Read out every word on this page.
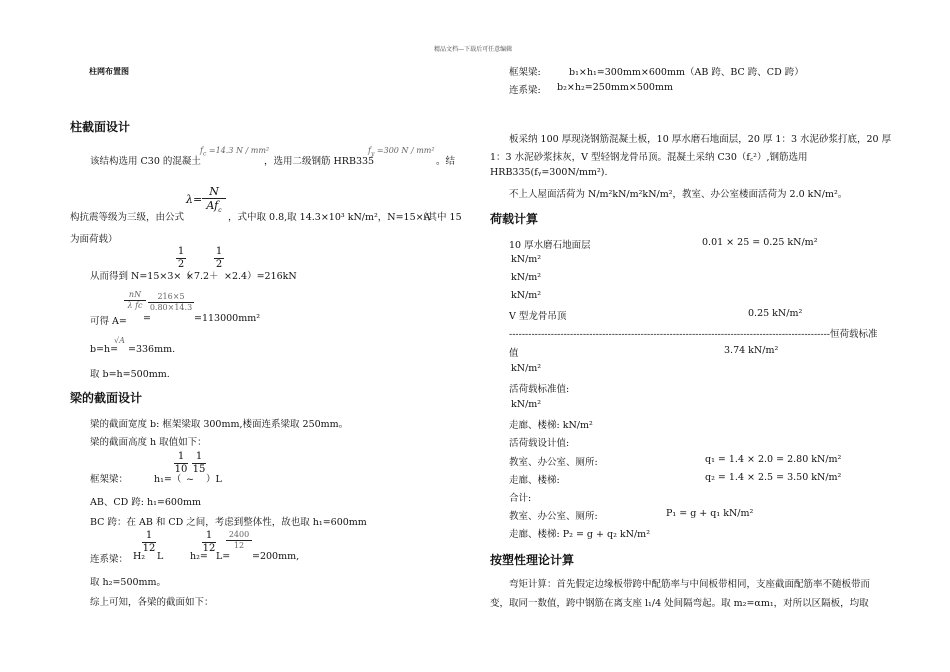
精品文档---下载后可任意编辑
柱网布置图
柱截面设计
该结构选用 C30 的混凝土
$f_c =14.3$ N / mm²
，选用二级钢筋 HRB335
$f_y =300$ N / mm²
。结
λ=
N
$Af_c$
构抗震等级为三级，由公式	，式中取 0.8,取 14.3×10³ kN/m²，N=15×A
（其中 15
为面荷载）
1
2
1
2
从而得到 N=15×3×（
×7.2＋ ×2.4）=216kN
nN
λ fc
216×5
0.80×14.3
可得 A= =	=113000mm²
√A
b=h= =336mm.
取 b=h=500mm.
梁的截面设计
梁的截面宽度 b: 框架梁取 300mm,楼面连系梁取 250mm。
梁的截面高度 h 取值如下：
1
10
1
15
框架梁：	h₁=（ ~ ）L
AB、CD 跨: h₁=600mm
BC 跨：在 AB 和 CD 之间，考虑到整体性，故也取 h₁=600mm
1
12
1
12
2400
12
连系梁： H₂ L	h₂= L= =200mm,
取 h₂=500mm。
综上可知，各梁的截面如下：
框架梁:	b₁×h₁=300mm×600mm（AB 跨、BC 跨、CD 跨）
连系梁: b₂×h₂=250mm×500mm
板采纳 100 厚现浇钢筋混凝土板，10 厚水磨石地面层，20 厚 1：3 水泥砂浆打底，20 厚
1：3 水泥砂浆抹灰，V 型轻钢龙骨吊顶。混凝土采纳 C30（f꜀²）,钢筋选用
HRB335(fᵧ=300N/mm²).
不上人屋面活荷为 N/m²kN/m²kN/m²，教室、办公室楼面活荷为 2.0 kN/m²。
荷载计算
10 厚水磨石地面层	0.01 × 25 = 0.25 kN/m²
kN/m²
kN/m²
kN/m²
V 型龙骨吊顶	0.25 kN/m²
----------------------------------------------------------------------------------------------------恒荷载标准
值	3.74 kN/m²
kN/m²
活荷载标准值:
kN/m²
走廊、楼梯: kN/m²
活荷载设计值:
教室、办公室、厕所:	q₁ = 1.4 × 2.0 = 2.80 kN/m²
走廊、楼梯:	q₂ = 1.4 × 2.5 = 3.50 kN/m²
合计:
教室、办公室、厕所:	P₁ = g + q₁ kN/m²
走廊、楼梯: P₂ = g + q₂ kN/m²
按塑性理论计算
弯矩计算：首先假定边缘板带跨中配筋率与中间板带相同，支座截面配筋率不随板带而
变，取同一数值，跨中钢筋在离支座 l₁/4 处间隔弯起。取 m₂=αm₁，对所以区隔板，均取
